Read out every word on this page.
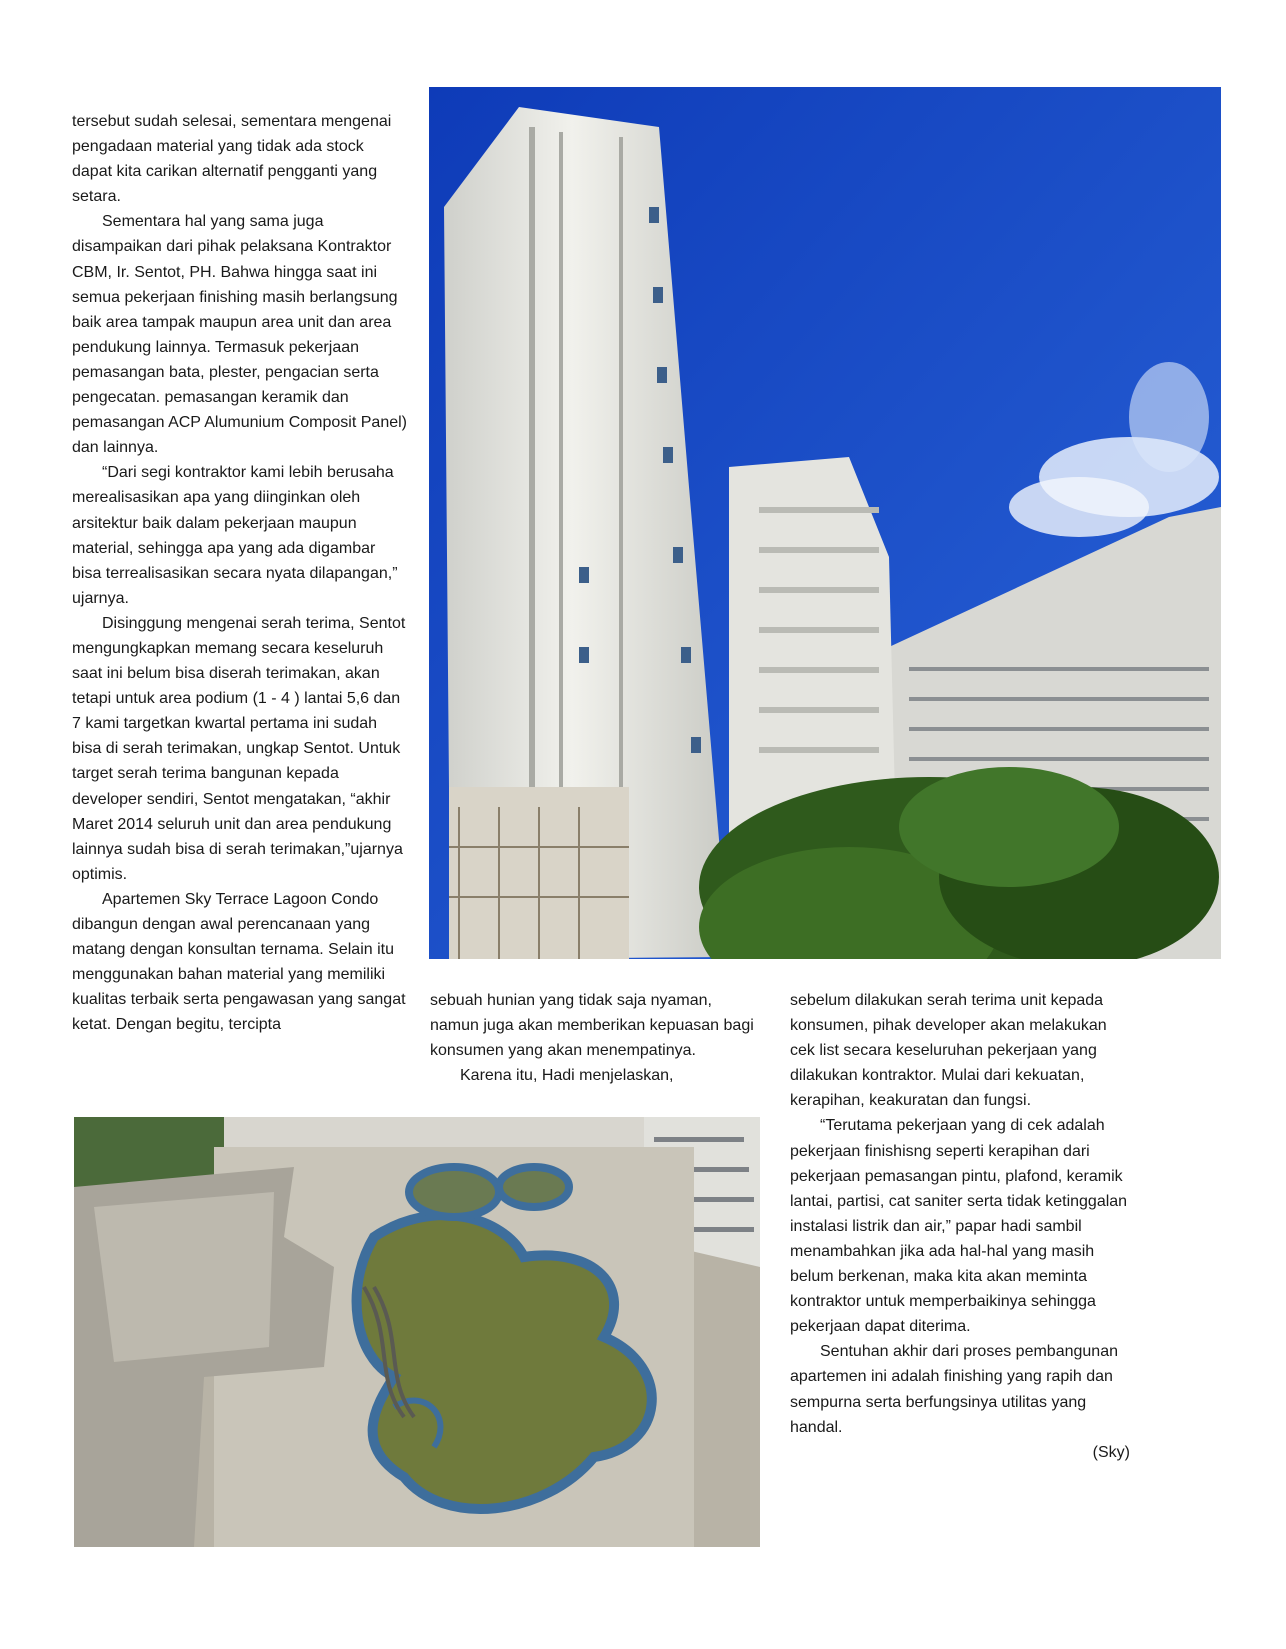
tersebut sudah selesai, sementara mengenai pengadaan material yang tidak ada stock dapat kita carikan alternatif pengganti yang setara.

Sementara hal yang sama juga disampaikan dari pihak pelaksana Kontraktor CBM, Ir. Sentot, PH. Bahwa hingga saat ini semua pekerjaan finishing masih berlangsung baik area tampak maupun area unit dan area pendukung lainnya. Termasuk pekerjaan pemasangan bata, plester, pengacian serta pengecatan. pemasangan keramik dan pemasangan ACP Alumunium Composit Panel) dan lainnya.

“Dari segi kontraktor kami lebih berusaha merealisasikan apa yang diinginkan oleh arsitektur baik dalam pekerjaan maupun material, sehingga apa yang ada digambar bisa terrealisasikan secara nyata dilapangan,” ujarnya.

Disinggung mengenai serah terima, Sentot mengungkapkan memang secara keseluruh saat ini belum bisa diserah terimakan, akan tetapi untuk area podium (1 - 4 ) lantai 5,6 dan 7 kami targetkan kwartal pertama ini sudah bisa di serah terimakan, ungkap Sentot. Untuk target serah terima bangunan kepada developer sendiri, Sentot mengatakan, “akhir Maret 2014 seluruh unit dan area pendukung lainnya sudah bisa di serah terimakan,”ujarnya optimis.

Apartemen Sky Terrace Lagoon Condo dibangun dengan awal perencanaan yang matang dengan konsultan ternama. Selain itu menggunakan bahan material yang memiliki kualitas terbaik serta pengawasan yang sangat ketat. Dengan begitu, tercipta

sebuah hunian yang tidak saja nyaman, namun juga akan memberikan kepuasan bagi konsumen yang akan menempatinya.

Karena itu, Hadi menjelaskan,

sebelum dilakukan serah terima unit kepada konsumen, pihak developer akan melakukan cek list secara keseluruhan pekerjaan yang dilakukan kontraktor. Mulai dari kekuatan, kerapihan, keakuratan dan fungsi.

“Terutama pekerjaan yang di cek adalah pekerjaan finishisng seperti kerapihan dari pekerjaan pemasangan pintu, plafond, keramik lantai, partisi, cat saniter serta tidak ketinggalan instalasi listrik dan air,” papar hadi sambil menambahkan jika ada hal-hal yang masih belum berkenan, maka kita akan meminta kontraktor untuk memperbaikinya sehingga pekerjaan dapat diterima.

Sentuhan akhir dari proses pembangunan apartemen ini adalah finishing yang rapih dan sempurna serta berfungsinya utilitas yang handal.

(Sky)
